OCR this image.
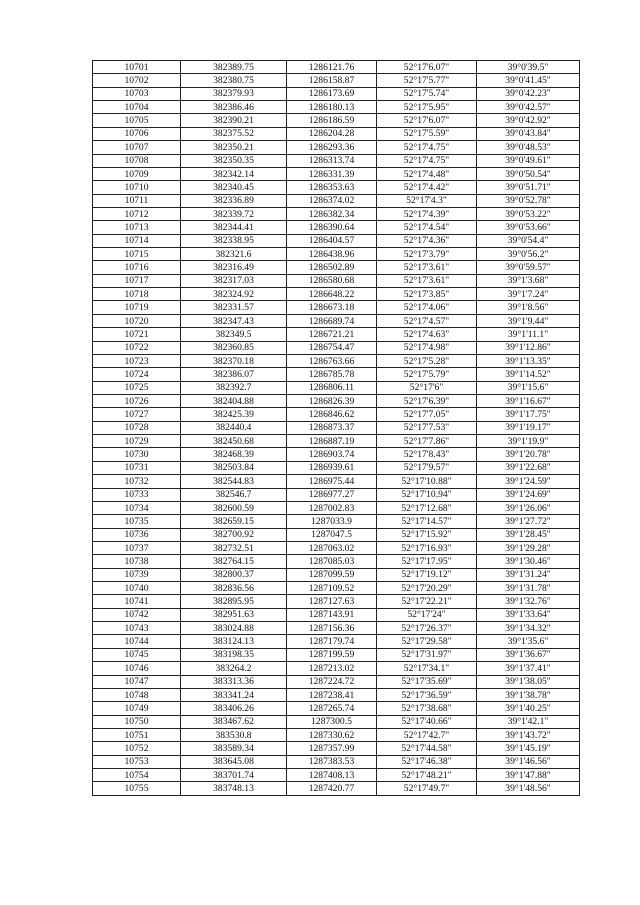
10701	382389.75	1286121.76	52°17'6.07"	39°0'39.5"
10702	382380.75	1286158.87	52°17'5.77"	39°0'41.45"
10703	382379.93	1286173.69	52°17'5.74"	39°0'42.23"
10704	382386.46	1286180.13	52°17'5.95"	39°0'42.57"
10705	382390.21	1286186.59	52°17'6.07"	39°0'42.92"
10706	382375.52	1286204.28	52°17'5.59"	39°0'43.84"
10707	382350.21	1286293.36	52°17'4.75"	39°0'48.53"
10708	382350.35	1286313.74	52°17'4.75"	39°0'49.61"
10709	382342.14	1286331.39	52°17'4.48"	39°0'50.54"
10710	382340.45	1286353.63	52°17'4.42"	39°0'51.71"
10711	382336.89	1286374.02	52°17'4.3"	39°0'52.78"
10712	382339.72	1286382.34	52°17'4.39"	39°0'53.22"
10713	382344.41	1286390.64	52°17'4.54"	39°0'53.66"
10714	382338.95	1286404.57	52°17'4.36"	39°0'54.4"
10715	382321.6	1286438.96	52°17'3.79"	39°0'56.2"
10716	382316.49	1286502.89	52°17'3.61"	39°0'59.57"
10717	382317.03	1286580.68	52°17'3.61"	39°1'3.68"
10718	382324.92	1286648.22	52°17'3.85"	39°1'7.24"
10719	382331.57	1286673.18	52°17'4.06"	39°1'8.56"
10720	382347.43	1286689.74	52°17'4.57"	39°1'9.44"
10721	382349.5	1286721.21	52°17'4.63"	39°1'11.1"
10722	382360.85	1286754.47	52°17'4.98"	39°1'12.86"
10723	382370.18	1286763.66	52°17'5.28"	39°1'13.35"
10724	382386.07	1286785.78	52°17'5.79"	39°1'14.52"
10725	382392.7	1286806.11	52°17'6"	39°1'15.6"
10726	382404.88	1286826.39	52°17'6.39"	39°1'16.67"
10727	382425.39	1286846.62	52°17'7.05"	39°1'17.75"
10728	382440.4	1286873.37	52°17'7.53"	39°1'19.17"
10729	382450.68	1286887.19	52°17'7.86"	39°1'19.9"
10730	382468.39	1286903.74	52°17'8.43"	39°1'20.78"
10731	382503.84	1286939.61	52°17'9.57"	39°1'22.68"
10732	382544.83	1286975.44	52°17'10.88"	39°1'24.59"
10733	382546.7	1286977.27	52°17'10.94"	39°1'24.69"
10734	382600.59	1287002.83	52°17'12.68"	39°1'26.06"
10735	382659.15	1287033.9	52°17'14.57"	39°1'27.72"
10736	382700.92	1287047.5	52°17'15.92"	39°1'28.45"
10737	382732.51	1287063.02	52°17'16.93"	39°1'29.28"
10738	382764.15	1287085.03	52°17'17.95"	39°1'30.46"
10739	382800.37	1287099.59	52°17'19.12"	39°1'31.24"
10740	382836.56	1287109.52	52°17'20.29"	39°1'31.78"
10741	382895.95	1287127.63	52°17'22.21"	39°1'32.76"
10742	382951.63	1287143.91	52°17'24"	39°1'33.64"
10743	383024.88	1287156.36	52°17'26.37"	39°1'34.32"
10744	383124.13	1287179.74	52°17'29.58"	39°1'35.6"
10745	383198.35	1287199.59	52°17'31.97"	39°1'36.67"
10746	383264.2	1287213.02	52°17'34.1"	39°1'37.41"
10747	383313.36	1287224.72	52°17'35.69"	39°1'38.05"
10748	383341.24	1287238.41	52°17'36.59"	39°1'38.78"
10749	383406.26	1287265.74	52°17'38.68"	39°1'40.25"
10750	383467.62	1287300.5	52°17'40.66"	39°1'42.1"
10751	383530.8	1287330.62	52°17'42.7"	39°1'43.72"
10752	383589.34	1287357.99	52°17'44.58"	39°1'45.19"
10753	383645.08	1287383.53	52°17'46.38"	39°1'46.56"
10754	383701.74	1287408.13	52°17'48.21"	39°1'47.88"
10755	383748.13	1287420.77	52°17'49.7"	39°1'48.56"
